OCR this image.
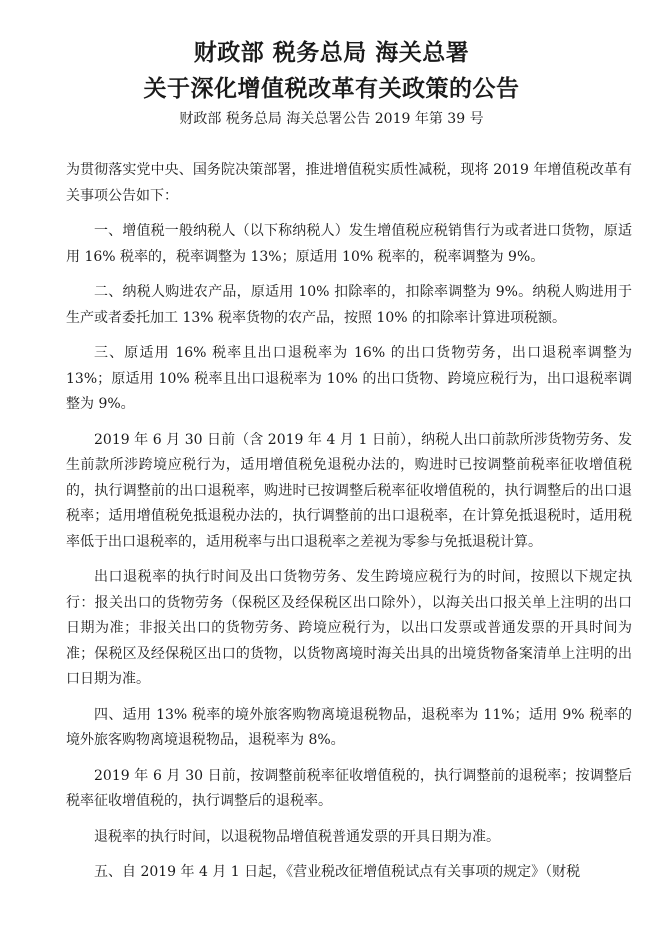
财政部 税务总局 海关总署
关于深化增值税改革有关政策的公告
财政部 税务总局 海关总署公告 2019 年第 39 号

为贯彻落实党中央、国务院决策部署，推进增值税实质性减税，现将 2019 年增值税改革有关事项公告如下：

一、增值税一般纳税人（以下称纳税人）发生增值税应税销售行为或者进口货物，原适用 16% 税率的，税率调整为 13%；原适用 10% 税率的，税率调整为 9%。

二、纳税人购进农产品，原适用 10% 扣除率的，扣除率调整为 9%。纳税人购进用于生产或者委托加工 13% 税率货物的农产品，按照 10% 的扣除率计算进项税额。

三、原适用 16% 税率且出口退税率为 16% 的出口货物劳务，出口退税率调整为 13%；原适用 10% 税率且出口退税率为 10% 的出口货物、跨境应税行为，出口退税率调整为 9%。

2019 年 6 月 30 日前（含 2019 年 4 月 1 日前），纳税人出口前款所涉货物劳务、发生前款所涉跨境应税行为，适用增值税免退税办法的，购进时已按调整前税率征收增值税的，执行调整前的出口退税率，购进时已按调整后税率征收增值税的，执行调整后的出口退税率；适用增值税免抵退税办法的，执行调整前的出口退税率，在计算免抵退税时，适用税率低于出口退税率的，适用税率与出口退税率之差视为零参与免抵退税计算。

出口退税率的执行时间及出口货物劳务、发生跨境应税行为的时间，按照以下规定执行：报关出口的货物劳务（保税区及经保税区出口除外），以海关出口报关单上注明的出口日期为准；非报关出口的货物劳务、跨境应税行为，以出口发票或普通发票的开具时间为准；保税区及经保税区出口的货物，以货物离境时海关出具的出境货物备案清单上注明的出口日期为准。

四、适用 13% 税率的境外旅客购物离境退税物品，退税率为 11%；适用 9% 税率的境外旅客购物离境退税物品，退税率为 8%。

2019 年 6 月 30 日前，按调整前税率征收增值税的，执行调整前的退税率；按调整后税率征收增值税的，执行调整后的退税率。

退税率的执行时间，以退税物品增值税普通发票的开具日期为准。

五、自 2019 年 4 月 1 日起，《营业税改征增值税试点有关事项的规定》（财税
